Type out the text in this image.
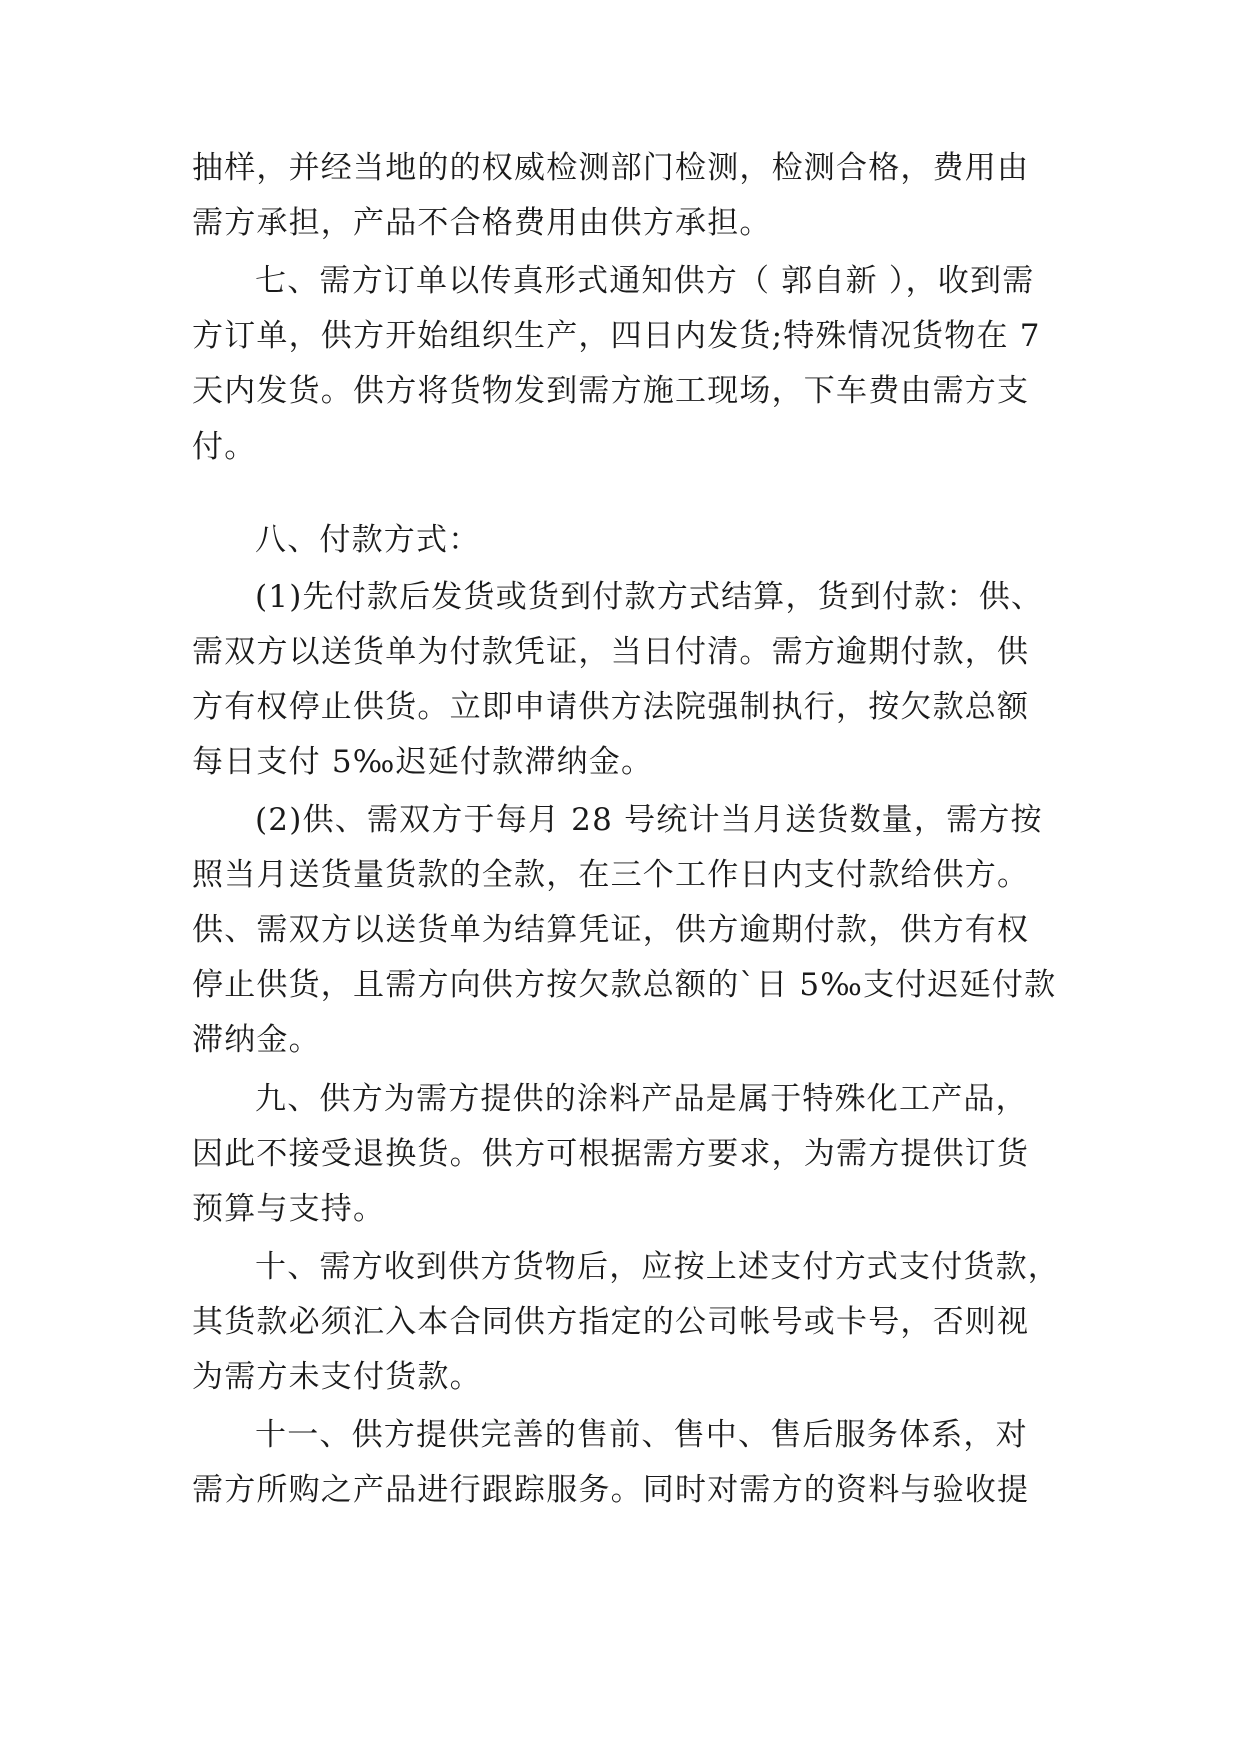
抽样，并经当地的的权威检测部门检测，检测合格，费用由
需方承担，产品不合格费用由供方承担。
七、需方订单以传真形式通知供方（ 郭自新 ），收到需
方订单，供方开始组织生产，四日内发货;特殊情况货物在 7
天内发货。供方将货物发到需方施工现场，下车费由需方支
付。
八、付款方式：
(1)先付款后发货或货到付款方式结算，货到付款：供、
需双方以送货单为付款凭证，当日付清。需方逾期付款，供
方有权停止供货。立即申请供方法院强制执行，按欠款总额
每日支付 5‰迟延付款滞纳金。
(2)供、需双方于每月 28 号统计当月送货数量，需方按
照当月送货量货款的全款，在三个工作日内支付款给供方。
供、需双方以送货单为结算凭证，供方逾期付款，供方有权
停止供货，且需方向供方按欠款总额的`日 5‰支付迟延付款
滞纳金。
九、供方为需方提供的涂料产品是属于特殊化工产品，
因此不接受退换货。供方可根据需方要求，为需方提供订货
预算与支持。
十、需方收到供方货物后，应按上述支付方式支付货款，
其货款必须汇入本合同供方指定的公司帐号或卡号，否则视
为需方未支付货款。
十一、供方提供完善的售前、售中、售后服务体系，对
需方所购之产品进行跟踪服务。同时对需方的资料与验收提
